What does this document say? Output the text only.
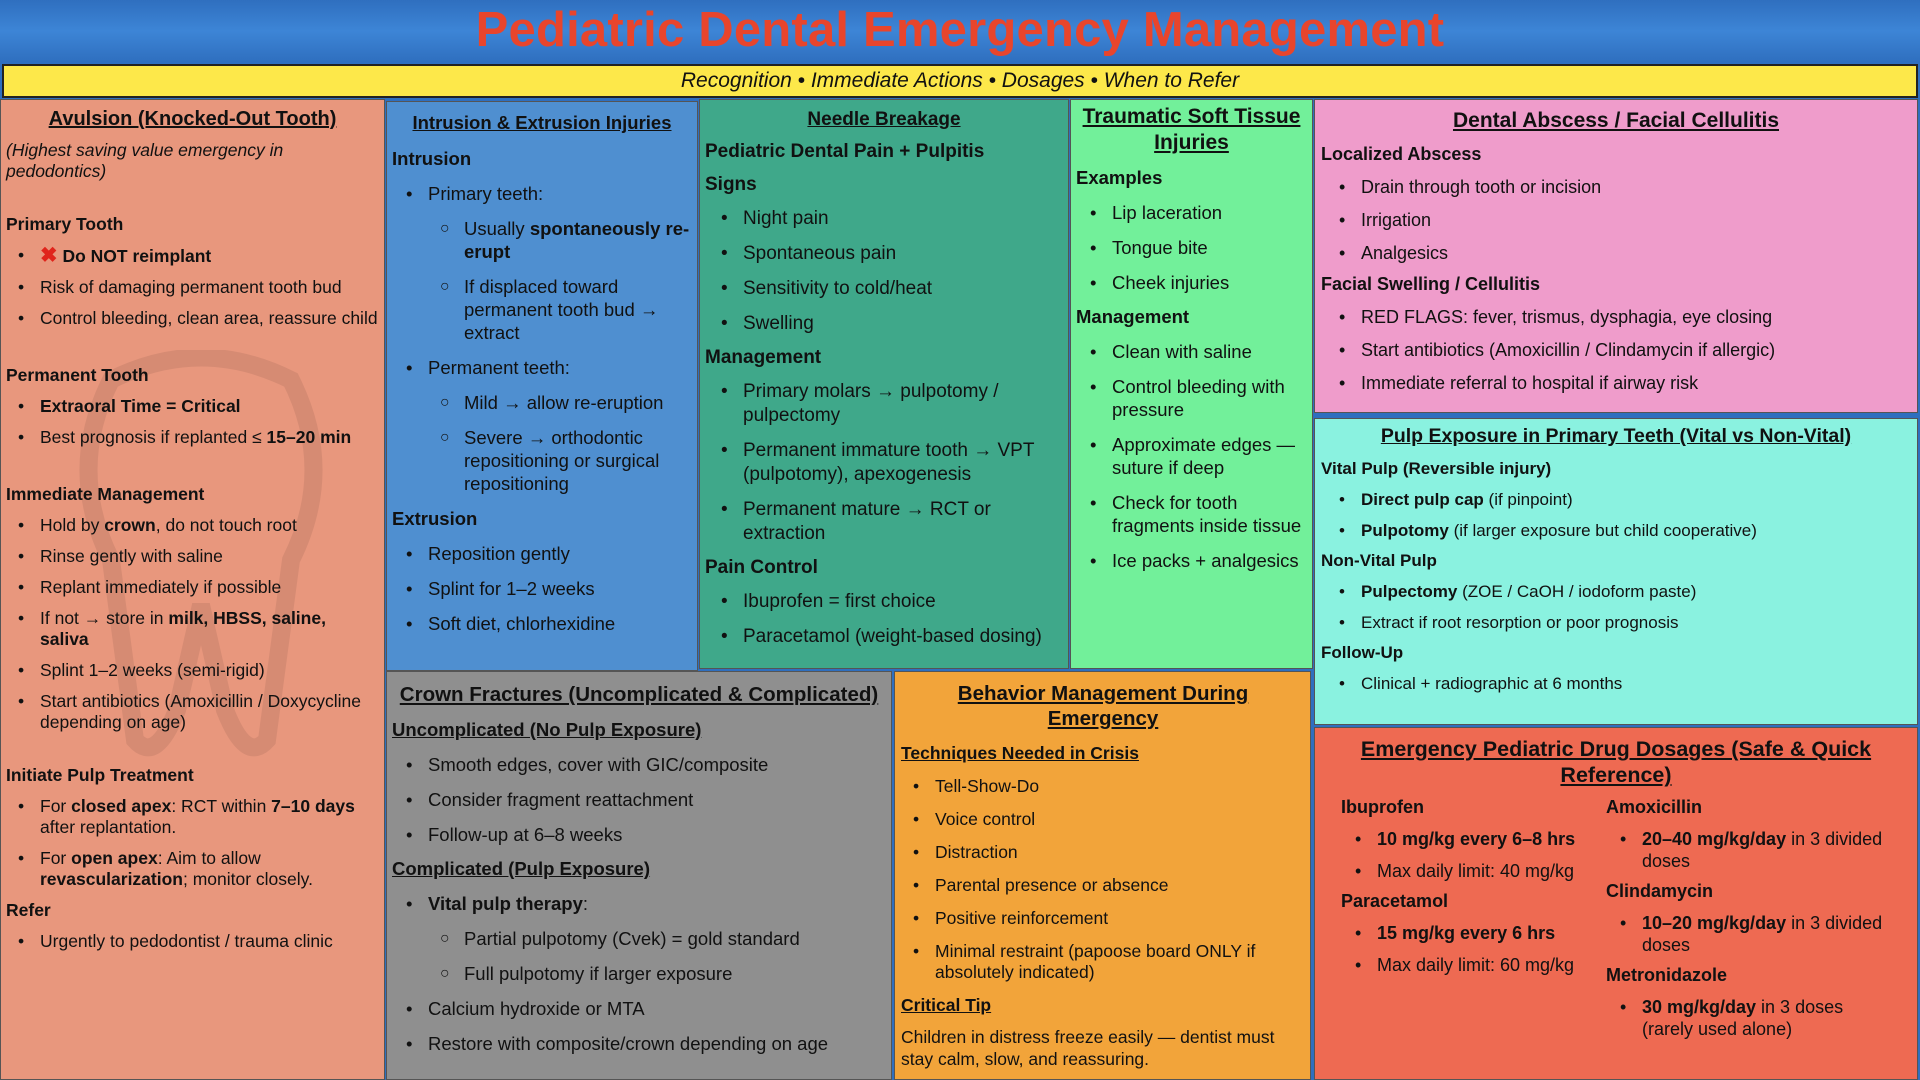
Pediatric Dental Emergency Management
Recognition • Immediate Actions • Dosages • When to Refer
Avulsion (Knocked-Out Tooth)
(Highest saving value emergency in pedodontics)
Primary Tooth
• ✖ Do NOT reimplant
• Risk of damaging permanent tooth bud
• Control bleeding, clean area, reassure child
Permanent Tooth
• Extraoral Time = Critical
• Best prognosis if replanted ≤ 15–20 min
Immediate Management
• Hold by crown, do not touch root
• Rinse gently with saline
• Replant immediately if possible
• If not → store in milk, HBSS, saline, saliva
• Splint 1–2 weeks (semi-rigid)
• Start antibiotics (Amoxicillin / Doxycycline depending on age)
Initiate Pulp Treatment
• For closed apex: RCT within 7–10 days after replantation.
• For open apex: Aim to allow revascularization; monitor closely.
Refer
• Urgently to pedodontist / trauma clinic
Intrusion & Extrusion Injuries
Intrusion
• Primary teeth:
○ Usually spontaneously re-erupt
○ If displaced toward permanent tooth bud → extract
• Permanent teeth:
○ Mild → allow re-eruption
○ Severe → orthodontic repositioning or surgical repositioning
Extrusion
• Reposition gently
• Splint for 1–2 weeks
• Soft diet, chlorhexidine
Needle Breakage
Pediatric Dental Pain + Pulpitis
Signs
• Night pain
• Spontaneous pain
• Sensitivity to cold/heat
• Swelling
Management
• Primary molars → pulpotomy / pulpectomy
• Permanent immature tooth → VPT (pulpotomy), apexogenesis
• Permanent mature → RCT or extraction
Pain Control
• Ibuprofen = first choice
• Paracetamol (weight-based dosing)
Traumatic Soft Tissue Injuries
Examples
• Lip laceration
• Tongue bite
• Cheek injuries
Management
• Clean with saline
• Control bleeding with pressure
• Approximate edges — suture if deep
• Check for tooth fragments inside tissue
• Ice packs + analgesics
Dental Abscess / Facial Cellulitis
Localized Abscess
• Drain through tooth or incision
• Irrigation
• Analgesics
Facial Swelling / Cellulitis
• RED FLAGS: fever, trismus, dysphagia, eye closing
• Start antibiotics (Amoxicillin / Clindamycin if allergic)
• Immediate referral to hospital if airway risk
Pulp Exposure in Primary Teeth (Vital vs Non-Vital)
Vital Pulp (Reversible injury)
• Direct pulp cap (if pinpoint)
• Pulpotomy (if larger exposure but child cooperative)
Non-Vital Pulp
• Pulpectomy (ZOE / CaOH / iodoform paste)
• Extract if root resorption or poor prognosis
Follow-Up
• Clinical + radiographic at 6 months
Crown Fractures (Uncomplicated & Complicated)
Uncomplicated (No Pulp Exposure)
• Smooth edges, cover with GIC/composite
• Consider fragment reattachment
• Follow-up at 6–8 weeks
Complicated (Pulp Exposure)
• Vital pulp therapy:
○ Partial pulpotomy (Cvek) = gold standard
○ Full pulpotomy if larger exposure
• Calcium hydroxide or MTA
• Restore with composite/crown depending on age
Behavior Management During Emergency
Techniques Needed in Crisis
• Tell-Show-Do
• Voice control
• Distraction
• Parental presence or absence
• Positive reinforcement
• Minimal restraint (papoose board ONLY if absolutely indicated)
Critical Tip
Children in distress freeze easily — dentist must stay calm, slow, and reassuring.
Emergency Pediatric Drug Dosages (Safe & Quick Reference)
Ibuprofen
• 10 mg/kg every 6–8 hrs
• Max daily limit: 40 mg/kg
Paracetamol
• 15 mg/kg every 6 hrs
• Max daily limit: 60 mg/kg
Amoxicillin
• 20–40 mg/kg/day in 3 divided doses
Clindamycin
• 10–20 mg/kg/day in 3 divided doses
Metronidazole
• 30 mg/kg/day in 3 doses (rarely used alone)
